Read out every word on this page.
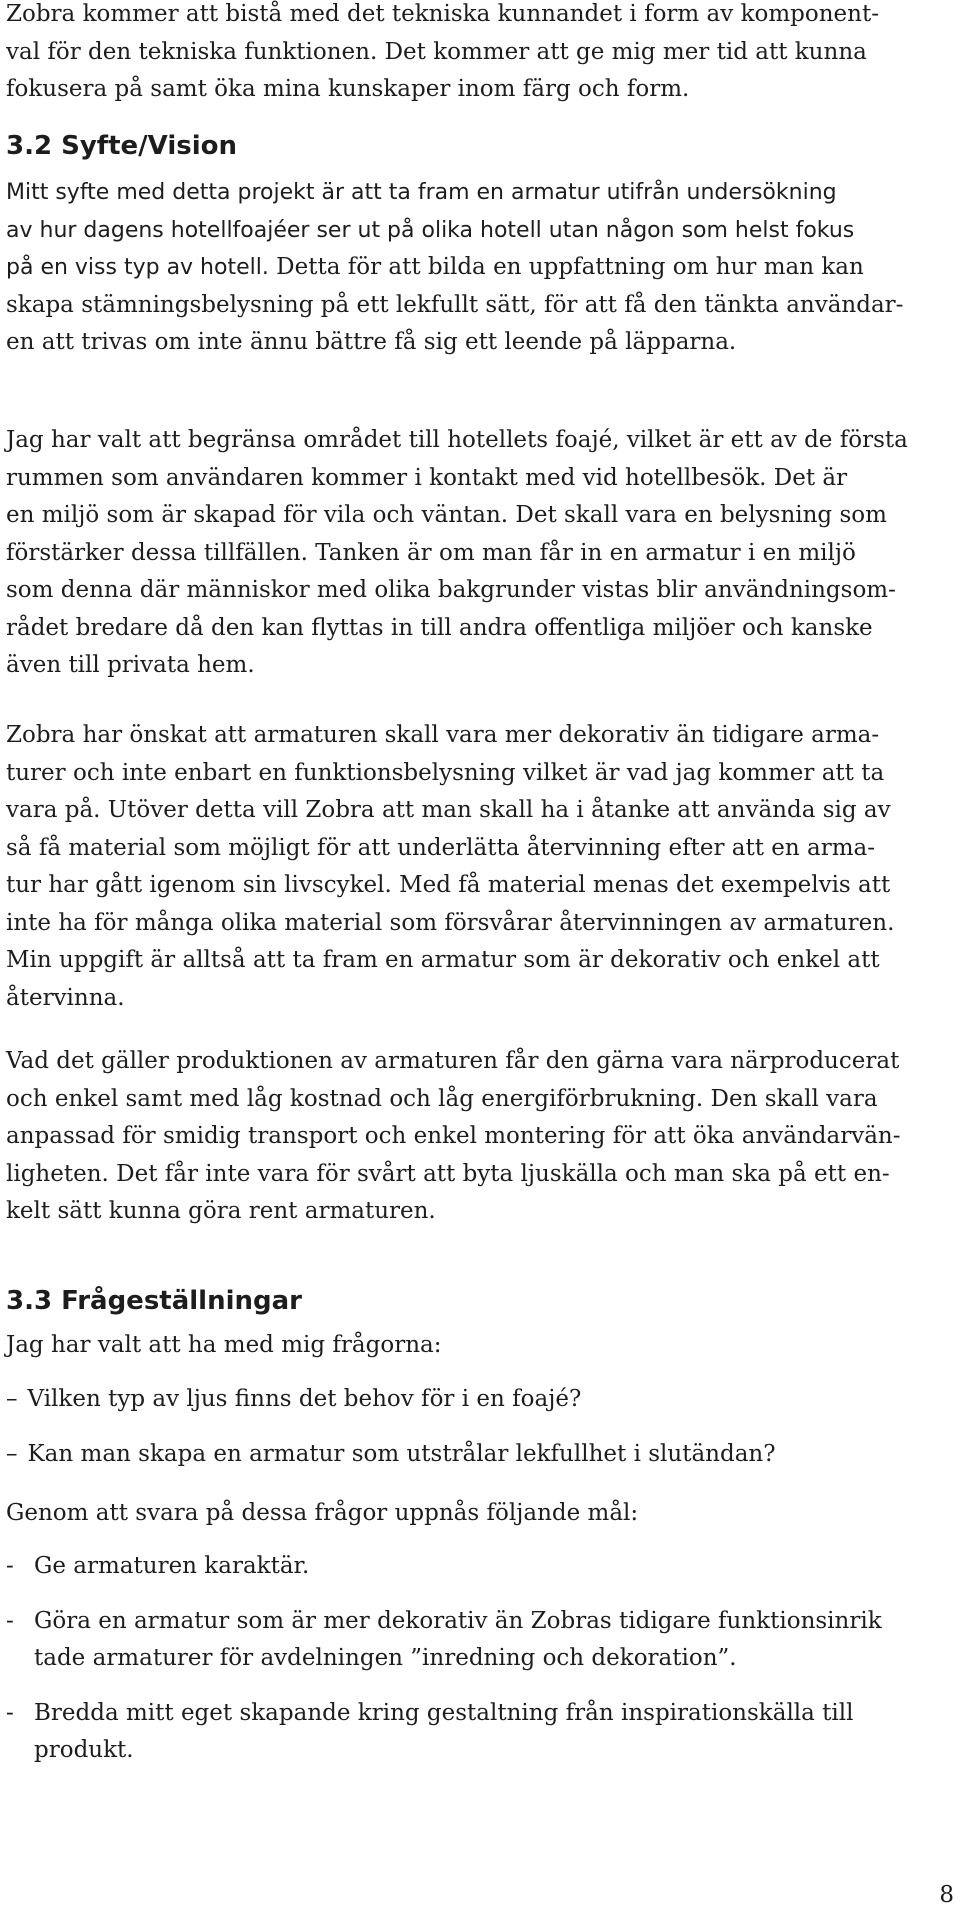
Zobra kommer att bistå med det tekniska kunnandet i form av komponent-
val för den tekniska funktionen. Det kommer att ge mig mer tid att kunna
fokusera på samt öka mina kunskaper inom färg och form.
3.2 Syfte/Vision
Mitt syfte med detta projekt är att ta fram en armatur utifrån undersökning
av hur dagens hotellfoajéer ser ut på olika hotell utan någon som helst fokus
på en viss typ av hotell. Detta för att bilda en uppfattning om hur man kan
skapa stämningsbelysning på ett lekfullt sätt, för att få den tänkta användar-
en att trivas om inte ännu bättre få sig ett leende på läpparna.
Jag har valt att begränsa området till hotellets foajé, vilket är ett av de första
rummen som användaren kommer i kontakt med vid hotellbesök. Det är
en miljö som är skapad för vila och väntan. Det skall vara en belysning som
förstärker dessa tillfällen. Tanken är om man får in en armatur i en miljö
som denna där människor med olika bakgrunder vistas blir användningsom-
rådet bredare då den kan flyttas in till andra offentliga miljöer och kanske
även till privata hem.
Zobra har önskat att armaturen skall vara mer dekorativ än tidigare arma-
turer och inte enbart en funktionsbelysning vilket är vad jag kommer att ta
vara på. Utöver detta vill Zobra att man skall ha i åtanke att använda sig av
så få material som möjligt för att underlätta återvinning efter att en arma-
tur har gått igenom sin livscykel. Med få material menas det exempelvis att
inte ha för många olika material som försvårar återvinningen av armaturen.
Min uppgift är alltså att ta fram en armatur som är dekorativ och enkel att
återvinna.
Vad det gäller produktionen av armaturen får den gärna vara närproducerat
och enkel samt med låg kostnad och låg energiförbrukning. Den skall vara
anpassad för smidig transport och enkel montering för att öka användarvän-
ligheten. Det får inte vara för svårt att byta ljuskälla och man ska på ett en-
kelt sätt kunna göra rent armaturen.
3.3 Frågeställningar

Jag har valt att ha med mig frågorna:

– Vilken typ av ljus finns det behov för i en foajé?
– Kan man skapa en armatur som utstrålar lekfullhet i slutändan?

Genom att svara på dessa frågor uppnås följande mål:

- Ge armaturen karaktär.
- Göra en armatur som är mer dekorativ än Zobras tidigare funktionsinrik
tade armaturer för avdelningen ”inredning och dekoration”.
- Bredda mitt eget skapande kring gestaltning från inspirationskälla till
produkt.
8
